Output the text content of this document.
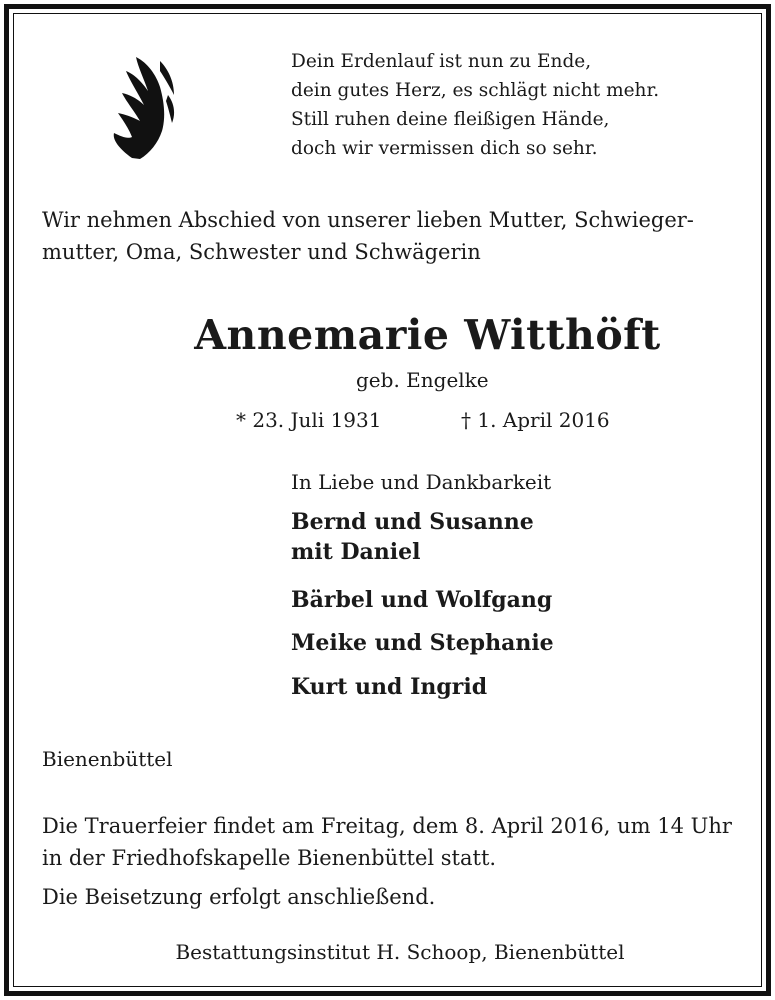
Dein Erdenlauf ist nun zu Ende,
dein gutes Herz, es schlägt nicht mehr.
Still ruhen deine fleißigen Hände,
doch wir vermissen dich so sehr.
Wir nehmen Abschied von unserer lieben Mutter, Schwieger-
mutter, Oma, Schwester und Schwägerin
Annemarie Witthöft
geb. Engelke
* 23. Juli 1931	† 1. April 2016
In Liebe und Dankbarkeit
Bernd und Susanne
mit Daniel
Bärbel und Wolfgang
Meike und Stephanie
Kurt und Ingrid
Bienenbüttel
Die Trauerfeier findet am Freitag, dem 8. April 2016, um 14 Uhr
in der Friedhofskapelle Bienenbüttel statt.
Die Beisetzung erfolgt anschließend.
Bestattungsinstitut H. Schoop, Bienenbüttel
